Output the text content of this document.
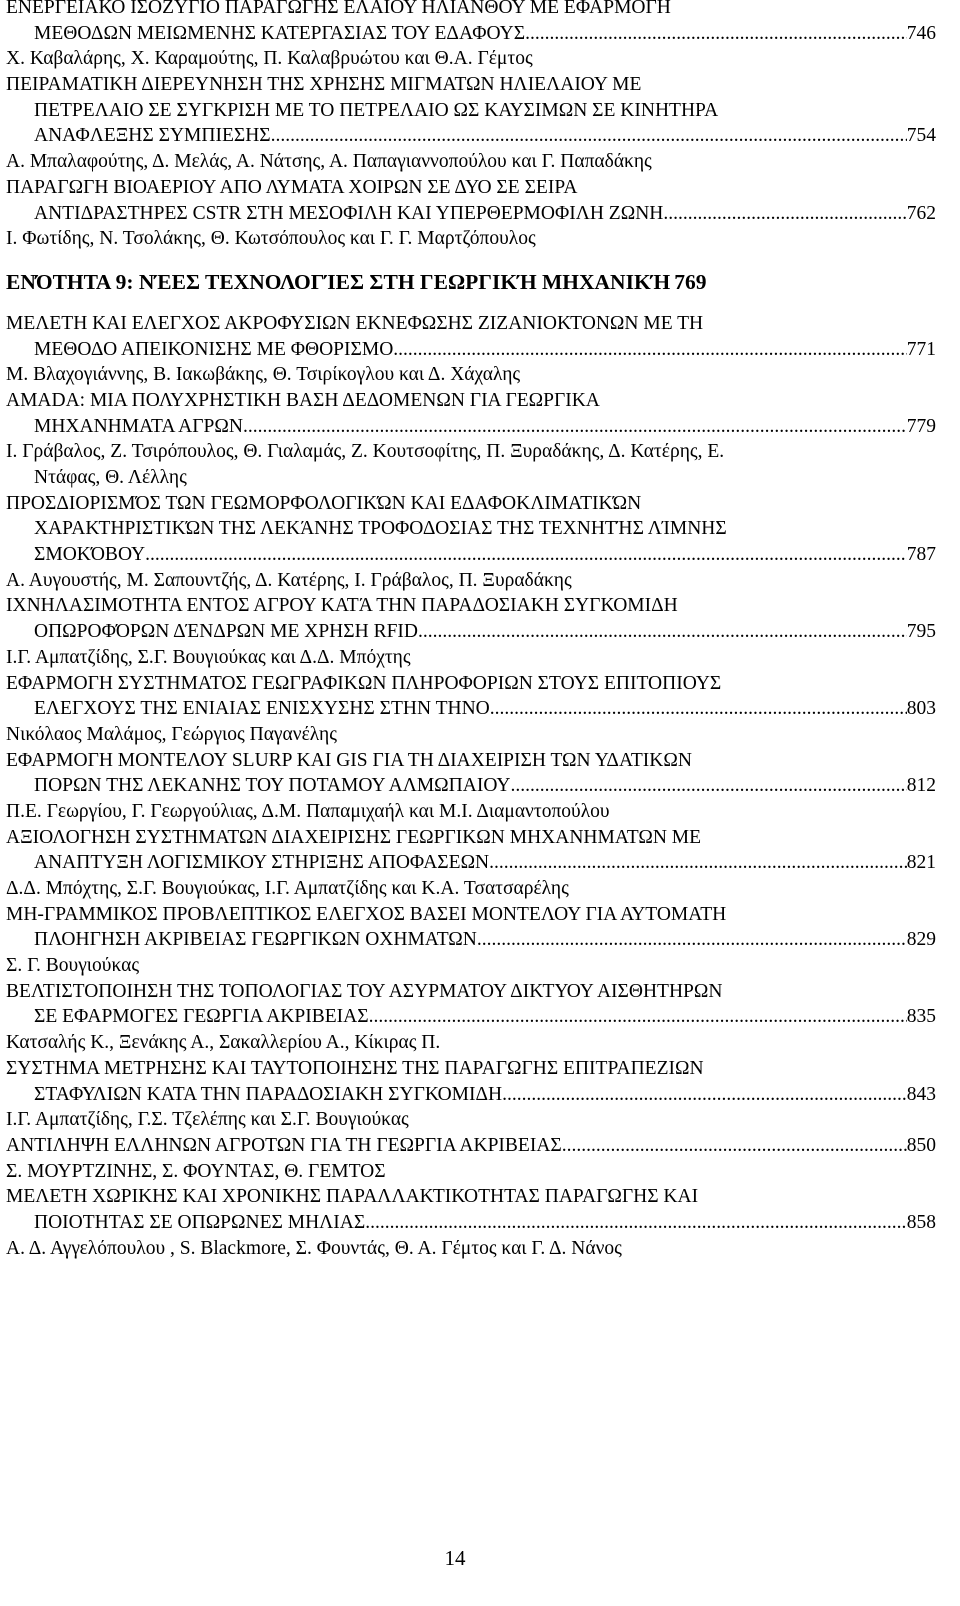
ΕΝΕΡΓΕΙΑΚΟ ΙΣΟΖΥΓΙΟ ΠΑΡΑΓΩΓΗΣ ΕΛΑΙΟΥ ΗΛΙΑΝΘΟΥ ΜΕ ΕΦΑΡΜΟΓΗ
ΜΕΘΟΔΩΝ ΜΕΙΩΜΕΝΗΣ ΚΑΤΕΡΓΑΣΙΑΣ ΤΟΥ ΕΔΑΦΟΥΣ .....	746
Χ. Καβαλάρης, Χ. Καραμούτης, Π. Καλαβρυώτου και Θ.Α. Γέμτος
ΠΕΙΡΑΜΑΤΙΚΗ ΔΙΕΡΕΥΝΗΣΗ ΤΗΣ ΧΡΗΣΗΣ ΜΙΓΜΑΤΩΝ ΗΛΙΕΛΑΙΟΥ ΜΕ
ΠΕΤΡΕΛΑΙΟ ΣΕ ΣΥΓΚΡΙΣΗ ΜΕ ΤΟ ΠΕΤΡΕΛΑΙΟ ΩΣ ΚΑΥΣΙΜΩΝ ΣΕ ΚΙΝΗΤΗΡΑ
ΑΝΑΦΛΕΞΗΣ ΣΥΜΠΙΕΣΗΣ .....	754
Α. Μπαλαφούτης, Δ. Μελάς, Α. Νάτσης, Α. Παπαγιαννοπούλου και Γ. Παπαδάκης
ΠΑΡΑΓΩΓΗ ΒΙΟΑΕΡΙΟΥ ΑΠΟ ΛΥΜΑΤΑ ΧΟΙΡΩΝ ΣΕ ΔΥΟ ΣΕ ΣΕΙΡΑ
ΑΝΤΙΔΡΑΣΤΗΡΕΣ CSTR ΣΤΗ ΜΕΣΟΦΙΛΗ ΚΑΙ ΥΠΕΡΘΕΡΜΟΦΙΛΗ ΖΩΝΗ .....	762
Ι. Φωτίδης, Ν. Τσολάκης, Θ. Κωτσόπουλος και Γ. Γ. Μαρτζόπουλος
ΕΝΌΤΗΤΑ 9: ΝΈΕΣ ΤΕΧΝΟΛΟΓΊΕΣ ΣΤΗ ΓΕΩΡΓΙΚΉ ΜΗΧΑΝΙΚΉ 769
ΜΕΛΕΤΗ ΚΑΙ ΕΛΕΓΧΟΣ ΑΚΡΟΦΥΣΙΩΝ ΕΚΝΕΦΩΣΗΣ ΖΙΖΑΝΙΟΚΤΟΝΩΝ ΜΕ ΤΗ
ΜΕΘΟΔΟ ΑΠΕΙΚΟΝΙΣΗΣ ΜΕ ΦΘΟΡΙΣΜΟ .....	771
Μ. Βλαχογιάννης, Β. Ιακωβάκης, Θ. Τσιρίκογλου και Δ. Χάχαλης
AMADA: ΜΙΑ ΠΟΛΥΧΡΗΣΤΙΚΗ ΒΑΣΗ ΔΕΔΟΜΕΝΩΝ ΓΙΑ ΓΕΩΡΓΙΚΑ
ΜΗΧΑΝΗΜΑΤΑ ΑΓΡΩΝ .....	779
Ι. Γράβαλος, Ζ. Τσιρόπουλος, Θ. Γιαλαμάς, Ζ. Κουτσοφίτης, Π. Ξυραδάκης, Δ. Κατέρης, Ε.
Ντάφας, Θ. Λέλλης
ΠΡΟΣΔΙΟΡΙΣΜΌΣ ΤΩΝ ΓΕΩΜΟΡΦΟΛΟΓΙΚΏΝ ΚΑΙ ΕΔΑΦΟΚΛΙΜΑΤΙΚΏΝ
ΧΑΡΑΚΤΗΡΙΣΤΙΚΏΝ ΤΗΣ ΛΕΚΆΝΗΣ ΤΡΟΦΟΔΟΣΙΑΣ ΤΗΣ ΤΕΧΝΗΤΉΣ ΛΊΜΝΗΣ
ΣΜΟΚΌΒΟΥ .....	787
Α. Αυγουστής, Μ. Σαπουντζής, Δ. Κατέρης, Ι. Γράβαλος, Π. Ξυραδάκης
ΙΧΝΗΛΑΣΙΜΟΤΗΤΑ ΕΝΤΟΣ ΑΓΡΟΥ ΚΑΤΆ ΤΗΝ ΠΑΡΑΔΟΣΙΑΚΗ ΣΥΓΚΟΜΙΔΗ
ΟΠΩΡΟΦΌΡΩΝ ΔΈΝΔΡΩΝ ΜΕ ΧΡΗΣΗ RFID .....	795
Ι.Γ. Αμπατζίδης, Σ.Γ. Βουγιούκας και Δ.Δ. Μπόχτης
ΕΦΑΡΜΟΓΗ ΣΥΣΤΗΜΑΤΟΣ ΓΕΩΓΡΑΦΙΚΩΝ ΠΛΗΡΟΦΟΡΙΩΝ ΣΤΟΥΣ ΕΠΙΤΟΠΙΟΥΣ
ΕΛΕΓΧΟΥΣ ΤΗΣ ΕΝΙΑΙΑΣ ΕΝΙΣΧΥΣΗΣ ΣΤΗΝ ΤΗΝΟ .....	803
Νικόλαος Μαλάμος, Γεώργιος Παγανέλης
ΕΦΑΡΜΟΓΗ ΜΟΝΤΕΛΟΥ SLURP ΚΑΙ GIS ΓΙΑ ΤΗ ΔΙΑΧΕΙΡΙΣΗ ΤΩΝ ΥΔΑΤΙΚΩΝ
ΠΟΡΩΝ ΤΗΣ ΛΕΚΑΝΗΣ ΤΟΥ ΠΟΤΑΜΟΥ ΑΛΜΩΠΑΙΟΥ .....	812
Π.Ε. Γεωργίου, Γ. Γεωργούλιας, Δ.Μ. Παπαμιχαήλ και Μ.Ι. Διαμαντοπούλου
ΑΞΙΟΛΟΓΗΣΗ ΣΥΣΤΗΜΑΤΩΝ ΔΙΑΧΕΙΡΙΣΗΣ ΓΕΩΡΓΙΚΩΝ ΜΗΧΑΝΗΜΑΤΩΝ ΜΕ
ΑΝΑΠΤΥΞΗ ΛΟΓΙΣΜΙΚΟΥ ΣΤΗΡΙΞΗΣ ΑΠΟΦΑΣΕΩΝ .....	821
Δ.Δ. Μπόχτης, Σ.Γ. Βουγιούκας, Ι.Γ. Αμπατζίδης και Κ.Α. Τσατσαρέλης
ΜΗ-ΓΡΑΜΜΙΚΟΣ ΠΡΟΒΛΕΠΤΙΚΟΣ ΕΛΕΓΧΟΣ ΒΑΣΕΙ ΜΟΝΤΕΛΟΥ ΓΙΑ ΑΥΤΟΜΑΤΗ
ΠΛΟΗΓΗΣΗ ΑΚΡΙΒΕΙΑΣ ΓΕΩΡΓΙΚΩΝ ΟΧΗΜΑΤΩΝ .....	829
Σ. Γ. Βουγιούκας
ΒΕΛΤΙΣΤΟΠΟΙΗΣΗ ΤΗΣ ΤΟΠΟΛΟΓΙΑΣ ΤΟΥ ΑΣΥΡΜΑΤΟΥ ΔΙΚΤΥΟΥ ΑΙΣΘΗΤΗΡΩΝ
ΣΕ ΕΦΑΡΜΟΓΕΣ ΓΕΩΡΓΙΑ ΑΚΡΙΒΕΙΑΣ .....	835
Κατσαλής Κ., Ξενάκης Α., Σακαλλερίου Α., Κίκιρας Π.
ΣΥΣΤΗΜΑ ΜΕΤΡΗΣΗΣ ΚΑΙ ΤΑΥΤΟΠΟΙΗΣΗΣ ΤΗΣ ΠΑΡΑΓΩΓΗΣ ΕΠΙΤΡΑΠΕΖΙΩΝ
ΣΤΑΦΥΛΙΩΝ ΚΑΤΑ ΤΗΝ ΠΑΡΑΔΟΣΙΑΚΗ ΣΥΓΚΟΜΙΔΗ .....	843
Ι.Γ. Αμπατζίδης, Γ.Σ. Τζελέπης και Σ.Γ. Βουγιούκας
ΑΝΤΙΛΗΨΗ ΕΛΛΗΝΩΝ ΑΓΡΟΤΩΝ ΓΙΑ ΤΗ ΓΕΩΡΓΙΑ ΑΚΡΙΒΕΙΑΣ .....	850
Σ. ΜΟΥΡΤΖΙΝΗΣ, Σ. ΦΟΥΝΤΑΣ, Θ. ΓΕΜΤΟΣ
ΜΕΛΕΤΗ ΧΩΡΙΚΗΣ ΚΑΙ ΧΡΟΝΙΚΗΣ ΠΑΡΑΛΛΑΚΤΙΚΟΤΗΤΑΣ ΠΑΡΑΓΩΓΗΣ ΚΑΙ
ΠΟΙΟΤΗΤΑΣ ΣΕ ΟΠΩΡΩΝΕΣ ΜΗΛΙΑΣ .....	858
Α. Δ. Αγγελόπουλου , S. Blackmore, Σ. Φουντάς, Θ. Α. Γέμτος και Γ. Δ. Νάνος
14
